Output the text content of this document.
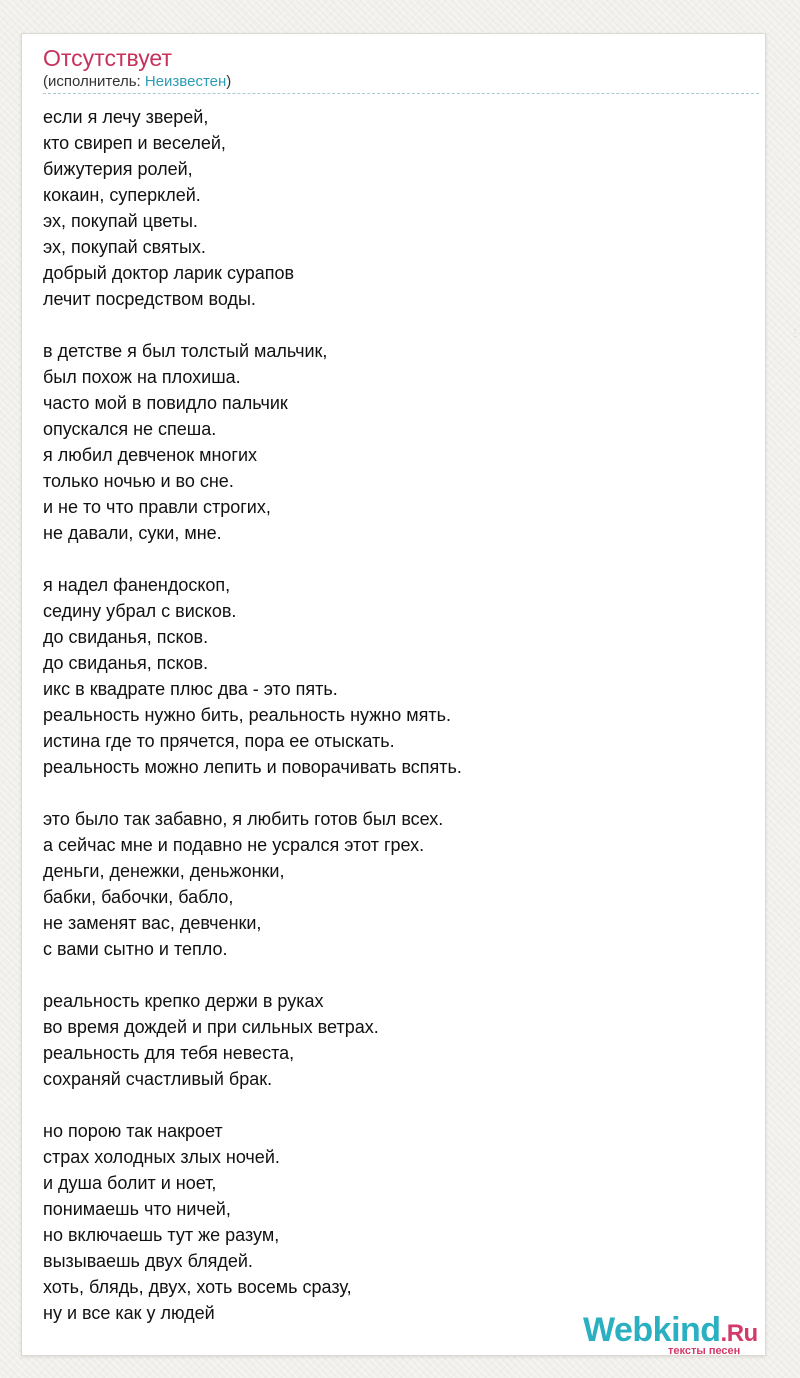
Отсутствует
(исполнитель: Неизвестен)
если я лечу зверей,
кто свиреп и веселей,
бижутерия ролей,
кокаин, суперклей.
эх, покупай цветы.
эх, покупай святых.
добрый доктор ларик сурапов
лечит посредством воды.

в детстве я был толстый мальчик,
был похож на плохиша.
часто мой в повидло пальчик
опускался не спеша.
я любил девченок многих
только ночью и во сне.
и не то что правли строгих,
не давали, суки, мне.

я надел фанендоскоп,
седину убрал с висков.
до свиданья, псков.
до свиданья, псков.
икс в квадрате плюс два - это пять.
реальность нужно бить, реальность нужно мять.
истина где то прячется, пора ее отыскать.
реальность можно лепить и поворачивать вспять.

это было так забавно, я любить готов был всех.
а сейчас мне и подавно не усрался этот грех.
деньги, денежки, деньжонки,
бабки, бабочки, бабло,
не заменят вас, девченки,
с вами сытно и тепло.

реальность крепко держи в руках
во время дождей и при сильных ветрах.
реальность для тебя невеста,
сохраняй счастливый брак.

но порою так накроет
страх холодных злых ночей.
и душа болит и ноет,
понимаешь что ничей,
но включаешь тут же разум,
вызываешь двух блядей.
хоть, блядь, двух, хоть восемь сразу,
ну и все как у людей	Webkind.Ru
тексты песен
⋮
